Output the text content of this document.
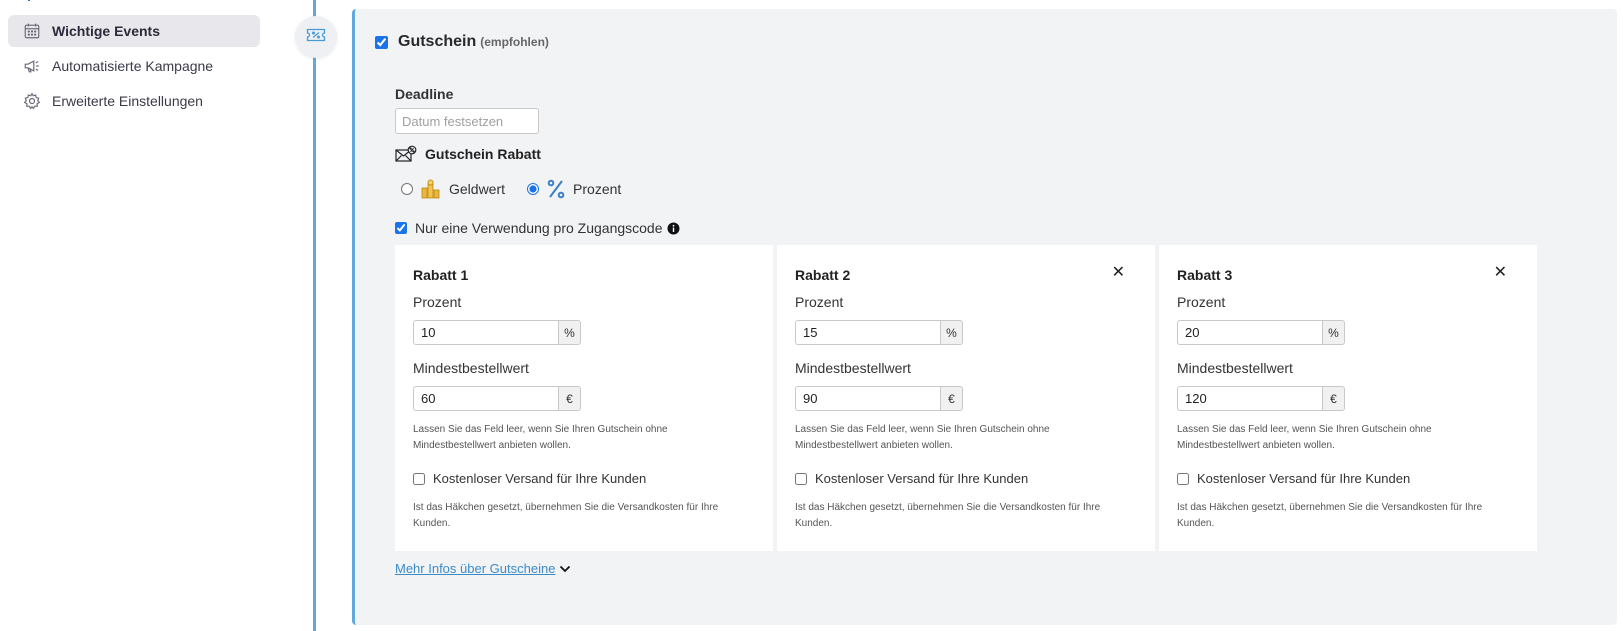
Wichtige Events
Automatisierte Kampagne
Erweiterte Einstellungen
Gutschein (empfohlen)
Deadline
Datum festsetzen
Gutschein Rabatt
Geldwert	Prozent
Nur eine Verwendung pro Zugangscode
Rabatt 1
Prozent
10
%
Mindestbestellwert
60
€
Lassen Sie das Feld leer, wenn Sie Ihren Gutschein ohne Mindestbestellwert anbieten wollen.
Kostenloser Versand für Ihre Kunden
Ist das Häkchen gesetzt, übernehmen Sie die Versandkosten für Ihre Kunden.
Rabatt 2	✕
Prozent
15
%
Mindestbestellwert
90
€
Lassen Sie das Feld leer, wenn Sie Ihren Gutschein ohne Mindestbestellwert anbieten wollen.
Kostenloser Versand für Ihre Kunden
Ist das Häkchen gesetzt, übernehmen Sie die Versandkosten für Ihre Kunden.
Rabatt 3	✕
Prozent
20
%
Mindestbestellwert
120
€
Lassen Sie das Feld leer, wenn Sie Ihren Gutschein ohne Mindestbestellwert anbieten wollen.
Kostenloser Versand für Ihre Kunden
Ist das Häkchen gesetzt, übernehmen Sie die Versandkosten für Ihre Kunden.
Mehr Infos über Gutscheine
